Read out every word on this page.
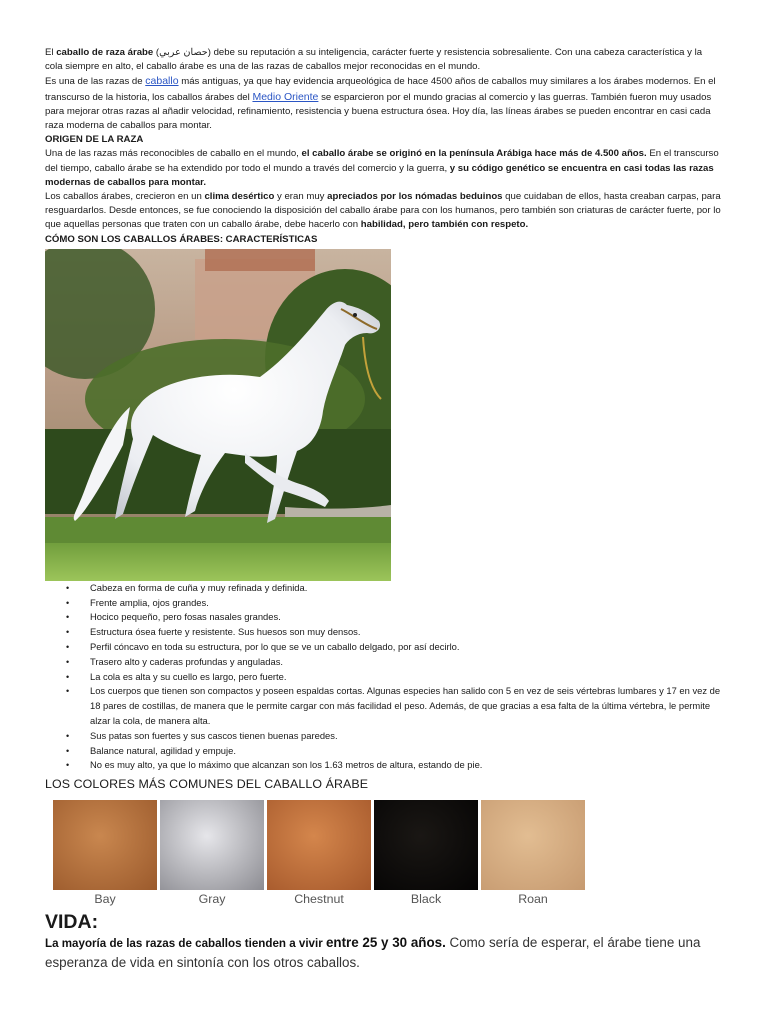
El caballo de raza árabe (حصان عربي) debe su reputación a su inteligencia, carácter fuerte y resistencia sobresaliente. Con una cabeza característica y la cola siempre en alto, el caballo árabe es una de las razas de caballos mejor reconocidas en el mundo.

Es una de las razas de caballo más antiguas, ya que hay evidencia arqueológica de hace 4500 años de caballos muy similares a los árabes modernos. En el transcurso de la historia, los caballos árabes del Medio Oriente se esparcieron por el mundo gracias al comercio y las guerras. También fueron muy usados para mejorar otras razas al añadir velocidad, refinamiento, resistencia y buena estructura ósea. Hoy día, las líneas árabes se pueden encontrar en casi cada raza moderna de caballos para montar.

ORIGEN DE LA RAZA

Una de las razas más reconocibles de caballo en el mundo, el caballo árabe se originó en la península Arábiga hace más de 4.500 años. En el transcurso del tiempo, caballo árabe se ha extendido por todo el mundo a través del comercio y la guerra, y su código genético se encuentra en casi todas las razas modernas de caballos para montar.

Los caballos árabes, crecieron en un clima desértico y eran muy apreciados por los nómadas beduinos que cuidaban de ellos, hasta creaban carpas, para resguardarlos. Desde entonces, se fue conociendo la disposición del caballo árabe para con los humanos, pero también son criaturas de carácter fuerte, por lo que aquellas personas que traten con un caballo árabe, debe hacerlo con habilidad, pero también con respeto.

CÓMO SON LOS CABALLOS ÁRABES: CARACTERÍSTICAS
• Cabeza en forma de cuña y muy refinada y definida.
• Frente amplia, ojos grandes.
• Hocico pequeño, pero fosas nasales grandes.
• Estructura ósea fuerte y resistente. Sus huesos son muy densos.
• Perfil cóncavo en toda su estructura, por lo que se ve un caballo delgado, por así decirlo.
• Trasero alto y caderas profundas y anguladas.
• La cola es alta y su cuello es largo, pero fuerte.
• Los cuerpos que tienen son compactos y poseen espaldas cortas. Algunas especies han salido con 5 en vez de seis vértebras lumbares y 17 en vez de 18 pares de costillas, de manera que le permite cargar con más facilidad el peso. Además, de que gracias a esa falta de la última vértebra, le permite alzar la cola, de manera alta.
• Sus patas son fuertes y sus cascos tienen buenas paredes.
• Balance natural, agilidad y empuje.
• No es muy alto, ya que lo máximo que alcanzan son los 1.63 metros de altura, estando de pie.
LOS COLORES MÁS COMUNES DEL CABALLO ÁRABE
Bay	Gray	Chestnut	Black	Roan
VIDA:
La mayoría de las razas de caballos tienden a vivir entre 25 y 30 años. Como sería de esperar, el árabe tiene una esperanza de vida en sintonía con los otros caballos.
